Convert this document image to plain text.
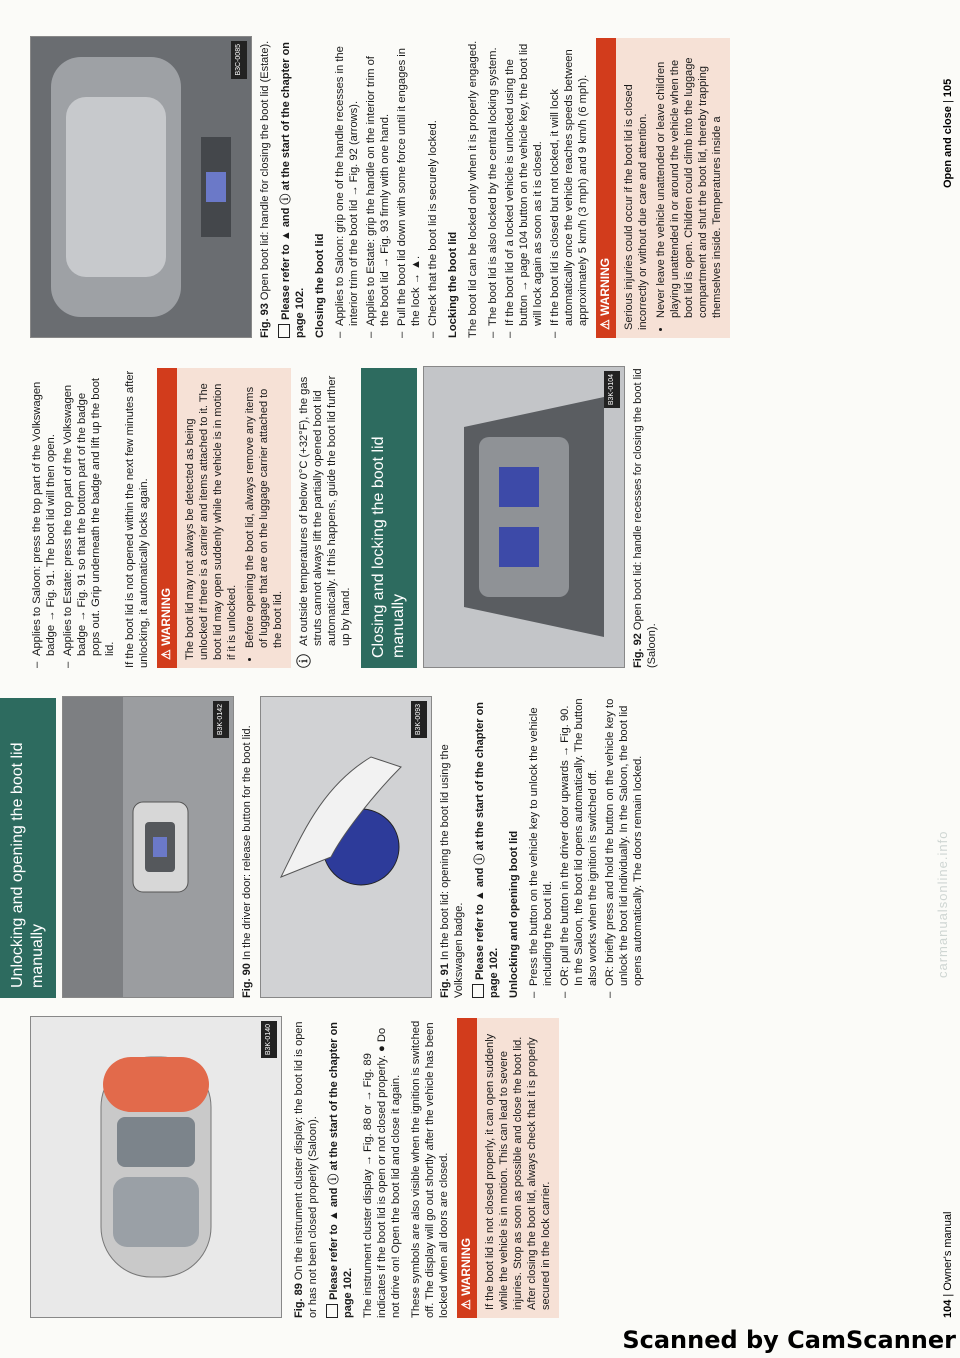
B3K-0140

Fig. 89 On the instrument cluster display: the boot lid is open or has not been closed properly (Saloon). Please refer to ▲ and ⓘ at the start of the chapter on page 102. The instrument cluster display → Fig. 88 or → Fig. 89 indicates if the boot lid is open or not closed properly. ● Do not drive on! Open the boot lid and close it again. These symbols are also visible when the ignition is switched off. The display will go out shortly after the vehicle has been locked when all doors are closed. ⚠ WARNING If the boot lid is not closed properly, it can open suddenly while the vehicle is in motion. This can lead to severe injuries. Stop as soon as possible and close the boot lid. After closing the boot lid, always check that it is properly secured in the lock carrier.
Unlocking and opening the boot lid manually
B3K-0142

Fig. 90 In the driver door: release button for the boot lid.

B3K-0093

Fig. 91 In the boot lid: opening the boot lid using the Volkswagen badge. Please refer to ▲ and ⓘ at the start of the chapter on page 102. Unlocking and opening boot lid – Press the button on the vehicle key to unlock the vehicle including the boot lid. – OR: pull the button in the driver door upwards → Fig. 90. In the Saloon, the boot lid opens automatically. The button also works when the ignition is switched off. – OR: briefly press and hold the button on the vehicle key to unlock the boot lid individually. In the Saloon, the boot lid opens automatically. The doors remain locked.
– Applies to Saloon: press the top part of the Volkswagen badge → Fig. 91. The boot lid will then open. – Applies to Estate: press the top part of the Volkswagen badge → Fig. 91 so that the bottom part of the badge pops out. Grip underneath the badge and lift up the boot lid. If the boot lid is not opened within the next few minutes after unlocking, it automatically locks again. ⚠ WARNING The boot lid may not always be detected as being unlocked if there is a carrier and items attached to it. The boot lid may open suddenly while the vehicle is in motion if it is unlocked. • Before opening the boot lid, always remove any items of luggage that are on the luggage carrier attached to the boot lid.
ⓘ
At outside temperatures of below 0°C (+32°F), the gas struts cannot always lift the partially opened boot lid automatically. If this happens, guide the boot lid further up by hand.	Closing and locking the boot lid manually
B3K-0104

Fig. 92 Open boot lid: handle recesses for closing the boot lid (Saloon).

B3C-0085

Fig. 93 Open boot lid: handle for closing the boot lid (Estate). Please refer to ▲ and ⓘ at the start of the chapter on page 102. Closing the boot lid – Applies to Saloon: grip one of the handle recesses in the interior trim of the boot lid → Fig. 92 (arrows). – Applies to Estate: grip the handle on the interior trim of the boot lid → Fig. 93 firmly with one hand. – Pull the boot lid down with some force until it engages in the lock → ▲. – Check that the boot lid is securely locked. Locking the boot lid The boot lid can be locked only when it is properly engaged. – The boot lid is also locked by the central locking system. – If the boot lid of a locked vehicle is unlocked using the button → page 104 button on the vehicle key, the boot lid will lock again as soon as it is closed. – If the boot lid is closed but not locked, it will lock automatically once the vehicle reaches speeds between approximately 5 km/h (3 mph) and 9 km/h (6 mph). ⚠ WARNING Serious injuries could occur if the boot lid is closed incorrectly or without due care and attention. • Never leave the vehicle unattended or leave children playing unattended in or around the vehicle when the boot lid is open. Children could climb into the luggage compartment and shut the boot lid, thereby trapping themselves inside. Temperatures inside a
104 | Owner's manual
Open and close | 105
carmanualsonline.info
Scanned by CamScanner
